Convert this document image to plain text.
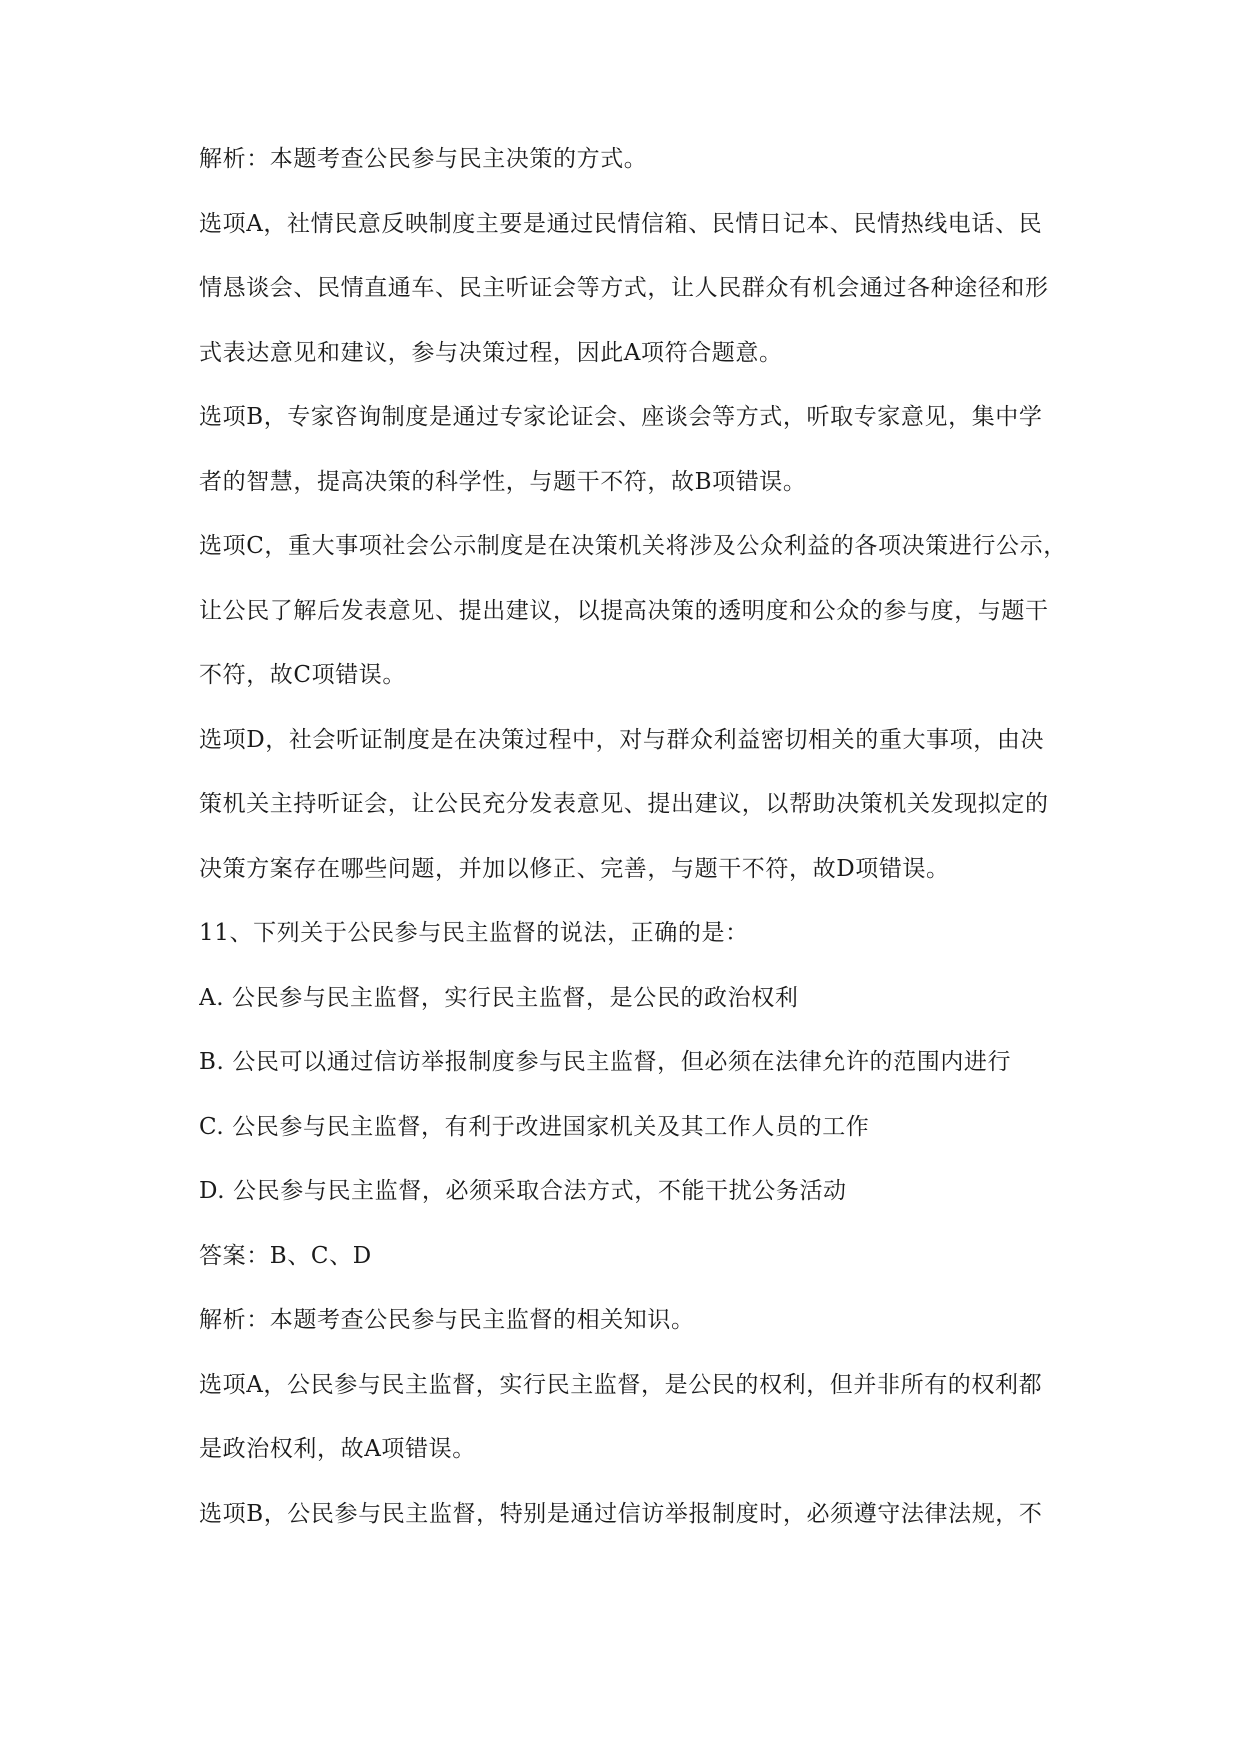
解析：本题考查公民参与民主决策的方式。
选项A，社情民意反映制度主要是通过民情信箱、民情日记本、民情热线电话、民
情恳谈会、民情直通车、民主听证会等方式，让人民群众有机会通过各种途径和形
式表达意见和建议，参与决策过程，因此A项符合题意。
选项B，专家咨询制度是通过专家论证会、座谈会等方式，听取专家意见，集中学
者的智慧，提高决策的科学性，与题干不符，故B项错误。
选项C，重大事项社会公示制度是在决策机关将涉及公众利益的各项决策进行公示，
让公民了解后发表意见、提出建议，以提高决策的透明度和公众的参与度，与题干
不符，故C项错误。
选项D，社会听证制度是在决策过程中，对与群众利益密切相关的重大事项，由决
策机关主持听证会，让公民充分发表意见、提出建议，以帮助决策机关发现拟定的
决策方案存在哪些问题，并加以修正、完善，与题干不符，故D项错误。
11、下列关于公民参与民主监督的说法，正确的是：
A. 公民参与民主监督，实行民主监督，是公民的政治权利
B. 公民可以通过信访举报制度参与民主监督，但必须在法律允许的范围内进行
C. 公民参与民主监督，有利于改进国家机关及其工作人员的工作
D. 公民参与民主监督，必须采取合法方式，不能干扰公务活动
答案：B、C、D
解析：本题考查公民参与民主监督的相关知识。
选项A，公民参与民主监督，实行民主监督，是公民的权利，但并非所有的权利都
是政治权利，故A项错误。
选项B，公民参与民主监督，特别是通过信访举报制度时，必须遵守法律法规，不
